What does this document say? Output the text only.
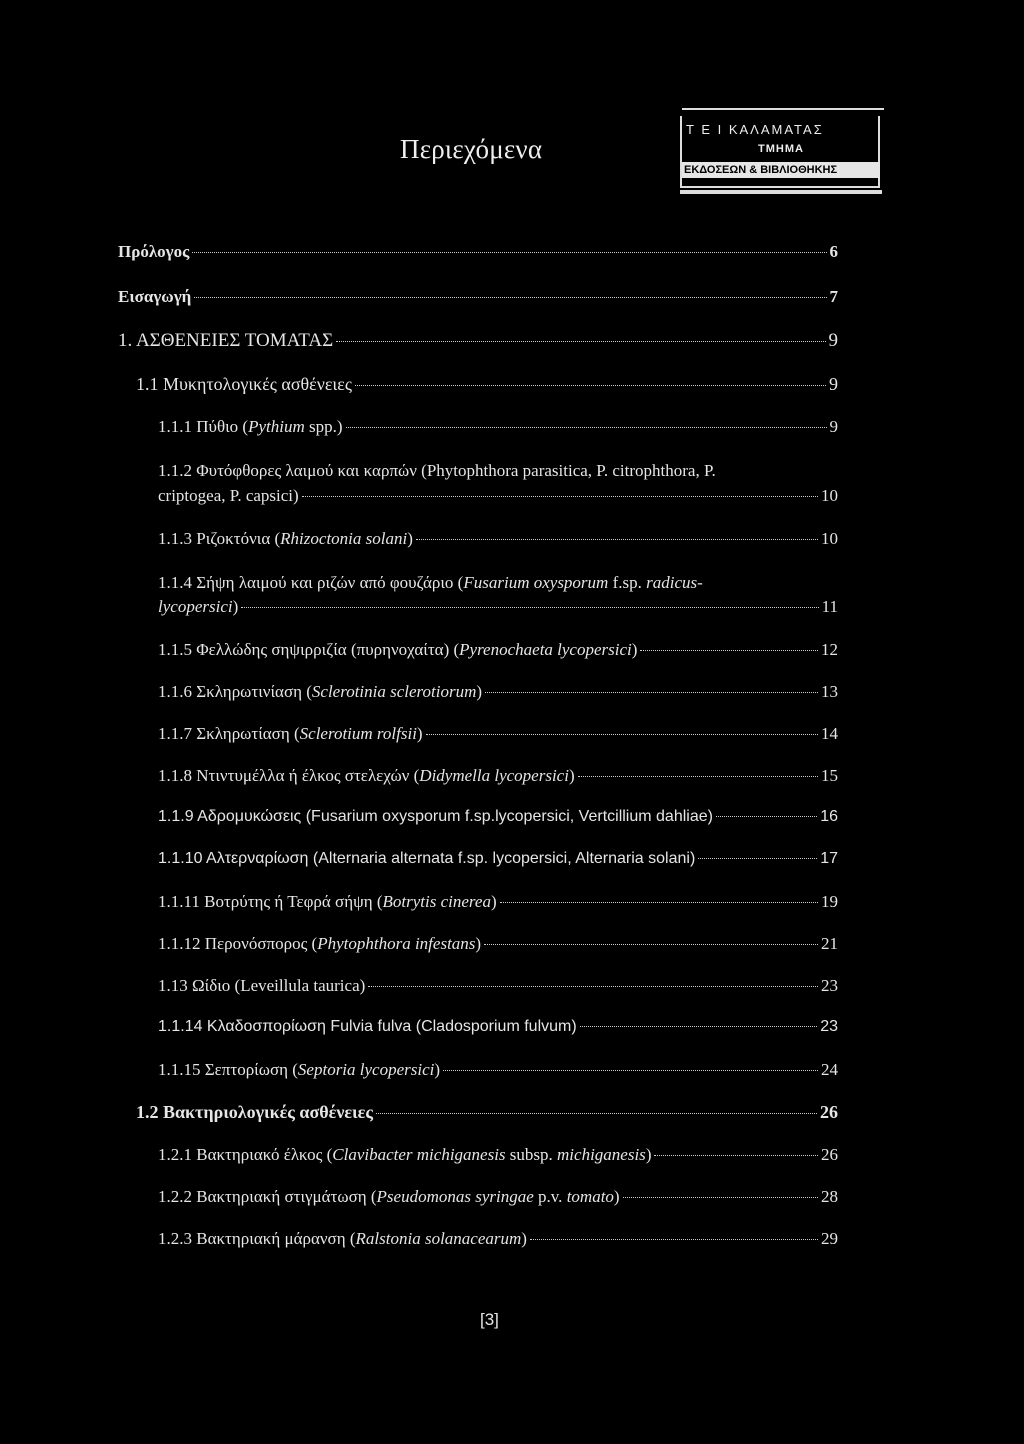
Περιεχόμενα
Τ Ε Ι ΚΑΛΑΜΑΤΑΣ
ΤΜΗΜΑ
ΕΚΔΟΣΕΩΝ & ΒΙΒΛΙΟΘΗΚΗΣ
Πρόλογος	6
Εισαγωγή	7
1. ΑΣΘΕΝΕΙΕΣ ΤΟΜΑΤΑΣ	9
1.1 Μυκητολογικές ασθένειες	9
1.1.1 Πύθιο (Pythium spp.)	9
1.1.2 Φυτόφθορες λαιμού και καρπών (Phytophthora parasitica, P. citrophthora, P.
criptogea, P. capsici)	10
1.1.3 Ριζοκτόνια (Rhizoctonia solani)	10
1.1.4 Σήψη λαιμού και ριζών από φουζάριο (Fusarium oxysporum f.sp. radicus-
lycopersici)	11
1.1.5 Φελλώδης σηψιρριζία (πυρηνοχαίτα) (Pyrenochaeta lycopersici)	12
1.1.6 Σκληρωτινίαση (Sclerotinia sclerotiorum)	13
1.1.7 Σκληρωτίαση (Sclerotium rolfsii)	14
1.1.8 Ντιντυμέλλα ή έλκος στελεχών (Didymella lycopersici)	15
1.1.9 Αδρομυκώσεις (Fusarium oxysporum f.sp.lycopersici, Vertcillium dahliae)	16
1.1.10 Αλτερναρίωση (Alternaria alternata f.sp. lycopersici, Alternaria solani)	17
1.1.11 Βοτρύτης ή Τεφρά σήψη (Botrytis cinerea)	19
1.1.12 Περονόσπορος (Phytophthora infestans)	21
1.13 Ωίδιο (Leveillula taurica)	23
1.1.14 Κλαδοσπορίωση Fulvia fulva (Cladosporium fulvum)	23
1.1.15 Σεπτορίωση (Septoria lycopersici)	24
1.2 Βακτηριολογικές ασθένειες	26
1.2.1 Βακτηριακό έλκος (Clavibacter michiganesis subsp. michiganesis)	26
1.2.2 Βακτηριακή στιγμάτωση (Pseudomonas syringae p.v. tomato)	28
1.2.3 Βακτηριακή μάρανση (Ralstonia solanacearum)	29
[3]
